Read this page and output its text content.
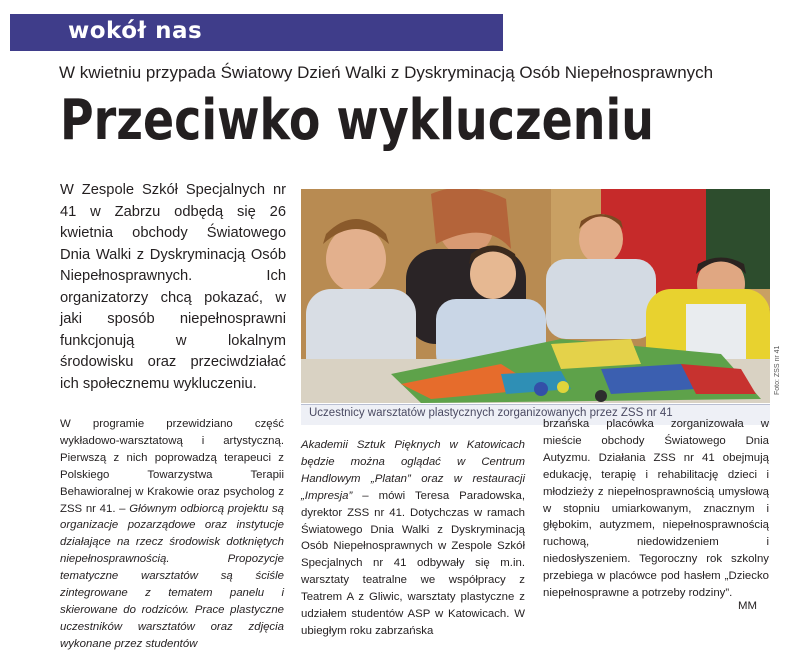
wokół nas
W kwietniu przypada Światowy Dzień Walki z Dyskryminacją Osób Niepełnosprawnych
Przeciwko wykluczeniu
W Zespole Szkół Specjalnych nr 41 w Zabrzu odbędą się 26 kwietnia obchody Światowego Dnia Walki z Dyskryminacją Osób Niepełnosprawnych. Ich organizatorzy chcą pokazać, w jaki sposób niepełnosprawni funkcjonują w lokalnym środowisku oraz przeciwdziałać ich społecznemu wykluczeniu.
Uczestnicy warsztatów plastycznych zorganizowanych przez ZSS nr 41
Foto: ZSS nr 41

W programie przewidziano część wykładowo-warsztatową i artystyczną. Pierwszą z nich poprowadzą terapeuci z Polskiego Towarzystwa Terapii Behawioralnej w Krakowie oraz psycholog z ZSS nr 41. – Głównym odbiorcą projektu są organizacje pozarządowe oraz instytucje działające na rzecz środowisk dotkniętych niepełnosprawnością. Propozycje tematyczne warsztatów są ściśle zintegrowane z tematem panelu i skierowane do rodziców. Prace plastyczne uczestników warsztatów oraz zdjęcia wykonane przez studentów

Akademii Sztuk Pięknych w Katowicach będzie można oglądać w Centrum Handlowym „Platan” oraz w restauracji „Impresja” – mówi Teresa Paradowska, dyrektor ZSS nr 41. Dotychczas w ramach Światowego Dnia Walki z Dyskryminacją Osób Niepełnosprawnych w Zespole Szkół Specjalnych nr 41 odbywały się m.in. warsztaty teatralne we współpracy z Teatrem A z Gliwic, warsztaty plastyczne z udziałem studentów ASP w Katowicach. W ubiegłym roku zabrzańska

brzańska placówka zorganizowała w mieście obchody Światowego Dnia Autyzmu. Działania ZSS nr 41 obejmują edukację, terapię i rehabilitację dzieci i młodzieży z niepełnosprawnością umysłową w stopniu umiarkowanym, znacznym i głębokim, autyzmem, niepełnosprawnością ruchową, niedowidzeniem i niedosłyszeniem. Tegoroczny rok szkolny przebiega w placówce pod hasłem „Dziecko niepełnosprawne a potrzeby rodziny”.

MM
